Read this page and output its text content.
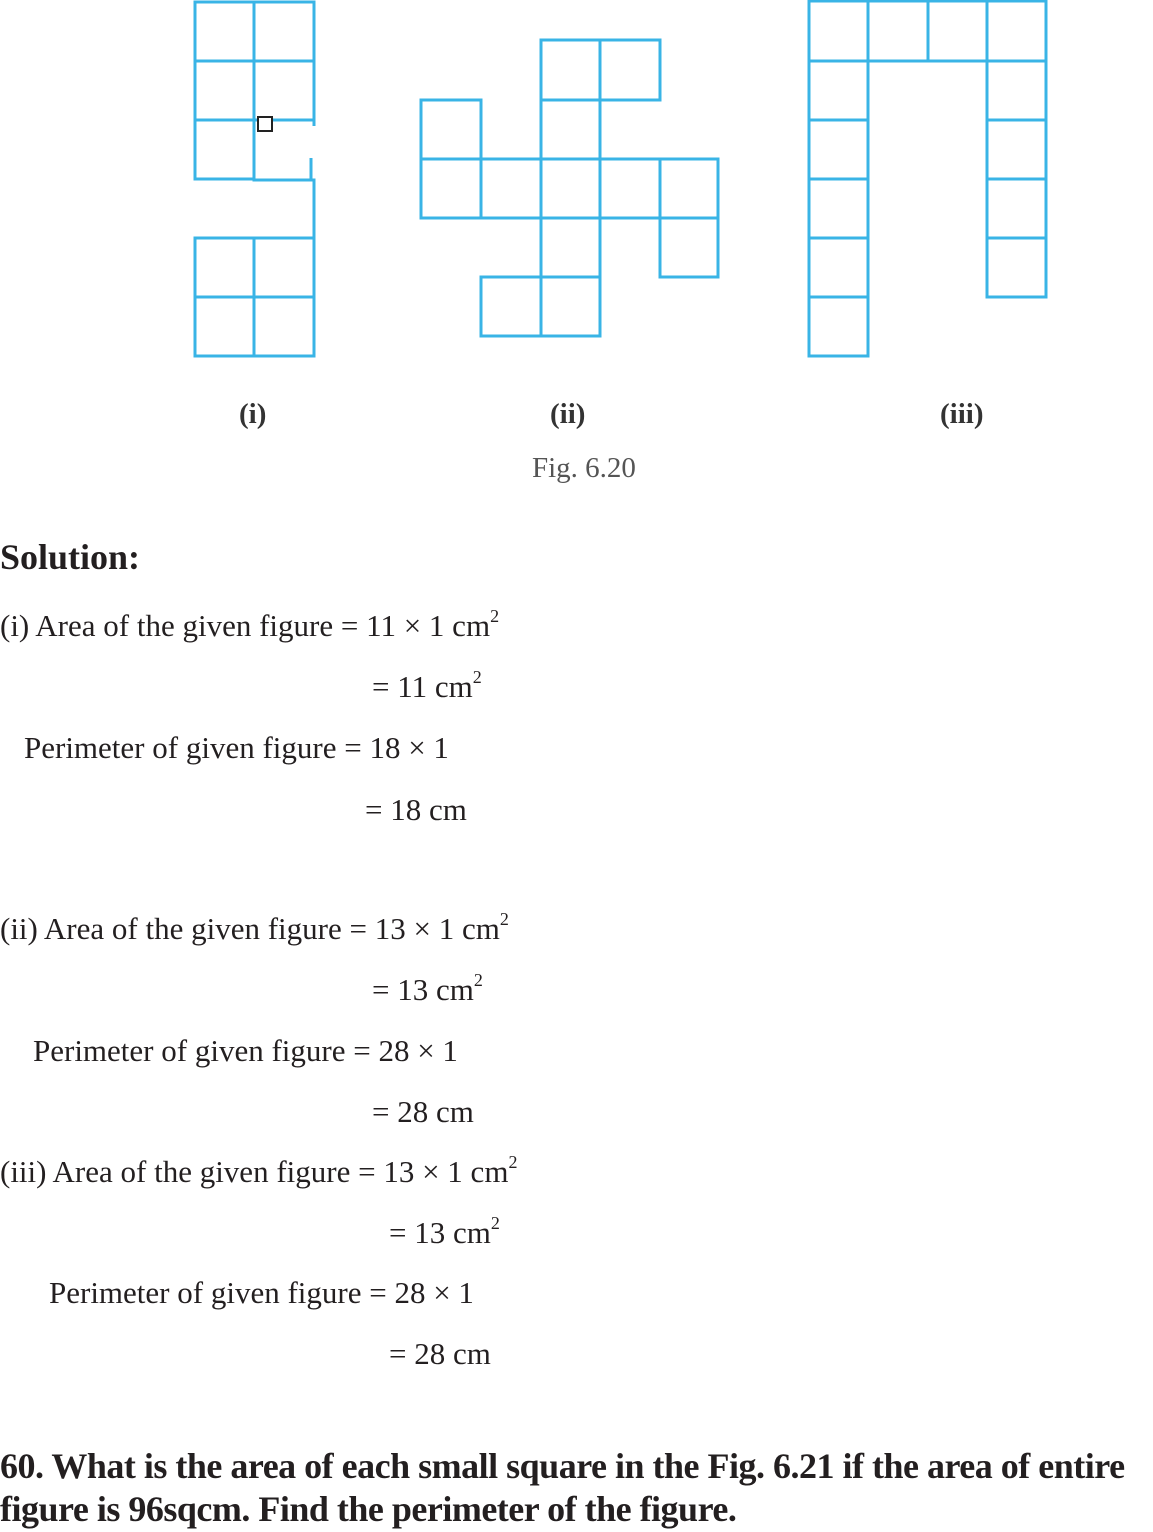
(i)	(ii)	(iii)
Fig. 6.20
Solution:
(i) Area of the given figure = 11 × 1 $cm^2$
= 11 $cm^2$
Perimeter of given figure = 18 × 1
= 18 cm
(ii) Area of the given figure = 13 × 1 $cm^2$
= 13 $cm^2$
Perimeter of given figure = 28 × 1
= 28 cm
(iii) Area of the given figure = 13 × 1 $cm^2$
= 13 $cm^2$
Perimeter of given figure = 28 × 1
= 28 cm
60. What is the area of each small square in the Fig. 6.21 if the area of entire figure is 96sqcm. Find the perimeter of the figure.
